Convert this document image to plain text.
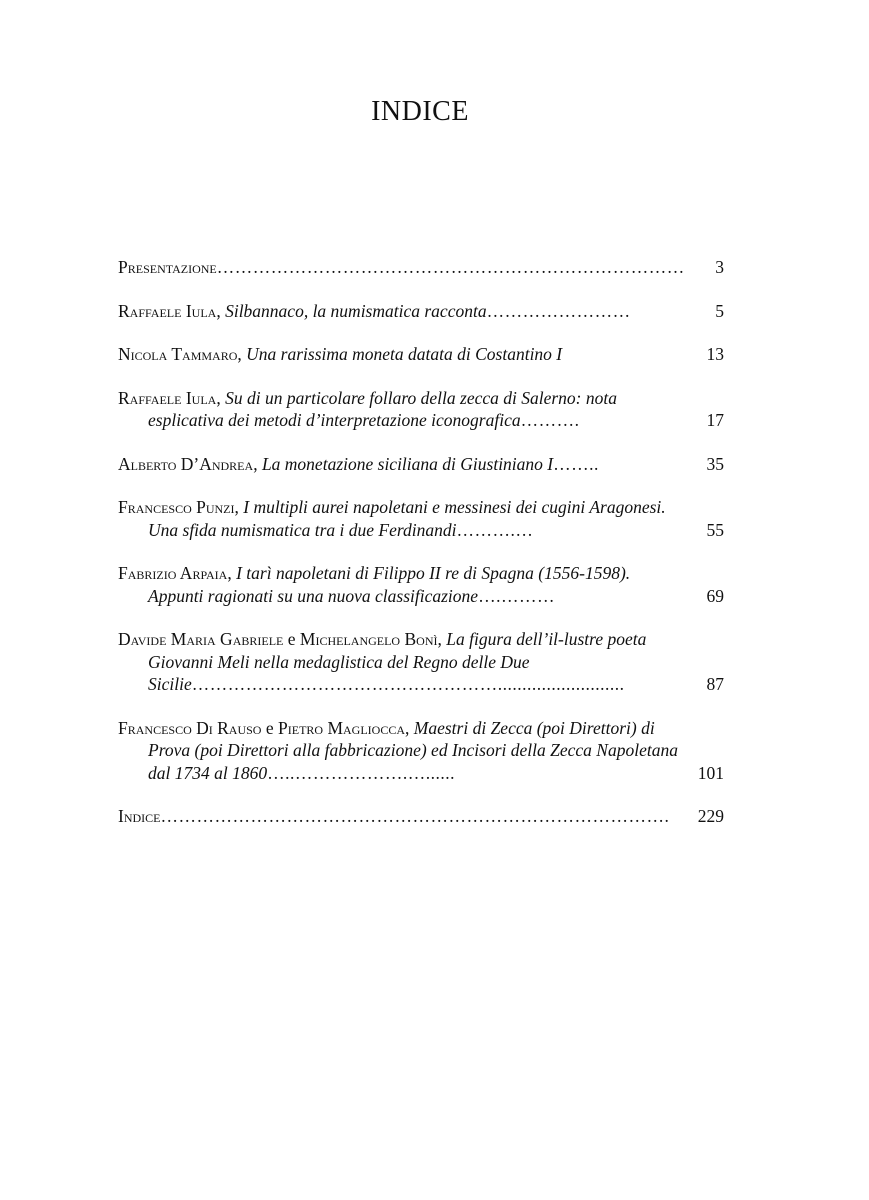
INDICE
Presentazione……………………………………………………………………	3
Raffaele Iula, Silbannaco, la numismatica racconta……………………	5
Nicola Tammaro, Una rarissima moneta datata di Costantino I	13
Raffaele Iula, Su di un particolare follaro della zecca di Salerno: nota esplicativa dei metodi d’interpretazione iconografica……….	17
Alberto D’Andrea, La monetazione siciliana di Giustiniano I……..	35
Francesco Punzi, I multipli aurei napoletani e messinesi dei cugini Aragonesi. Una sfida numismatica tra i due Ferdinandi……….…	55
Fabrizio Arpaia, I tarì napoletani di Filippo II re di Spagna (1556-1598). Appunti ragionati su una nuova classificazione….………	69
Davide Maria Gabriele e Michelangelo Bonì, La figura dell’il-lustre poeta Giovanni Meli nella medaglistica del Regno delle Due Sicilie……………………………………………..........................	87
Francesco Di Rauso e Pietro Magliocca, Maestri di Zecca (poi Direttori) di Prova (poi Direttori alla fabbricazione) ed Incisori della Zecca Napoletana dal 1734 al 1860…..……………….…......	101
Indice………………………………………………………………………….	229
